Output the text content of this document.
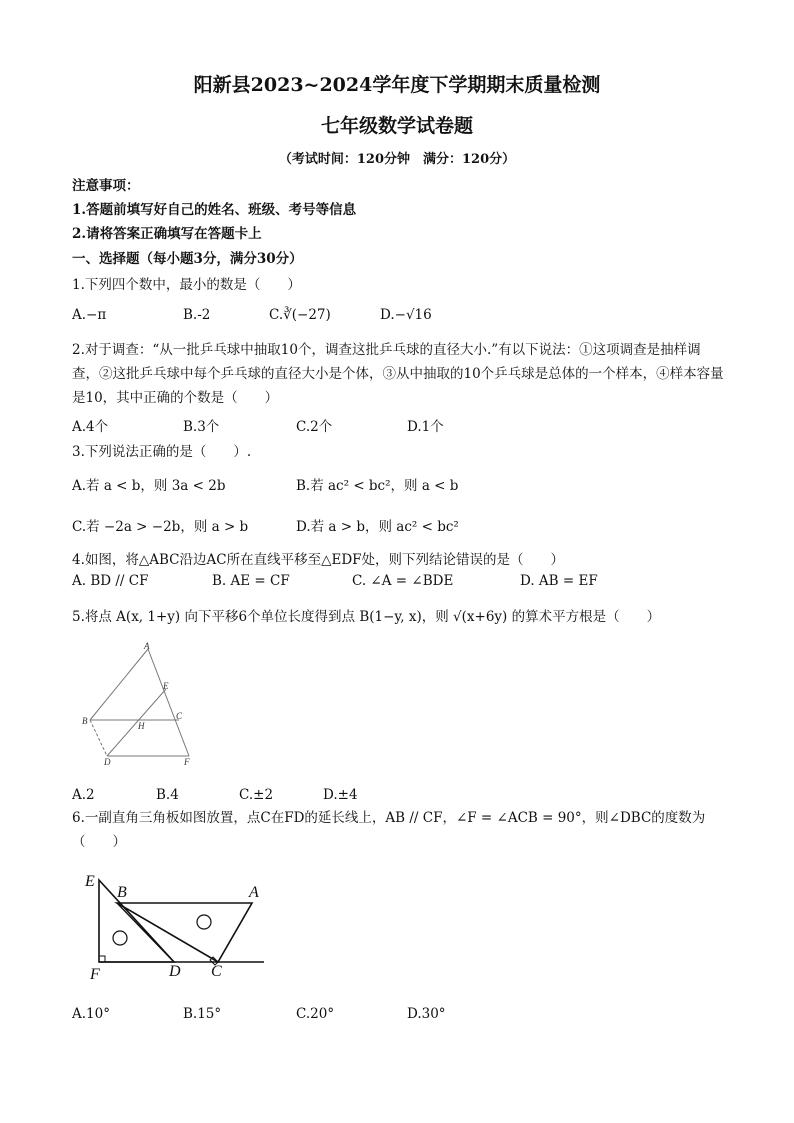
阳新县2023~2024学年度下学期期末质量检测
七年级数学试卷题
（考试时间：120分钟　满分：120分）
注意事项：
1.答题前填写好自己的姓名、班级、考号等信息
2.请将答案正确填写在答题卡上
一、选择题（每小题3分，满分30分）
1.下列四个数中，最小的数是（　　）
A.−π	B.-2	C.∛(−27)	D.−√16
2.对于调查：“从一批乒乓球中抽取10个，调查这批乒乓球的直径大小.”有以下说法：①这项调查是抽样调查，②这批乒乓球中每个乒乓球的直径大小是个体，③从中抽取的10个乒乓球是总体的一个样本，④样本容量是10，其中正确的个数是（　　）
A.4个	B.3个	C.2个	D.1个
3.下列说法正确的是（　　）.
A.若 a < b，则 3a < 2b	B.若 ac² < bc²，则 a < b
C.若 −2a > −2b，则 a > b	D.若 a > b，则 ac² < bc²
4.如图，将△ABC沿边AC所在直线平移至△EDF处，则下列结论错误的是（　　）
A. BD // CF	B. AE = CF	C. ∠A = ∠BDE	D. AB = EF
5.将点 A(x, 1+y) 向下平移6个单位长度得到点 B(1−y, x)，则 √(x+6y) 的算术平方根是（　　）
A
B	C
D
E
F
H
A.2	B.4	C.±2	D.±4
6.一副直角三角板如图放置，点C在FD的延长线上，AB // CF，∠F = ∠ACB = 90°，则∠DBC的度数为（　　）
E
B	A
F	D C
A.10°	B.15°	C.20°	D.30°
